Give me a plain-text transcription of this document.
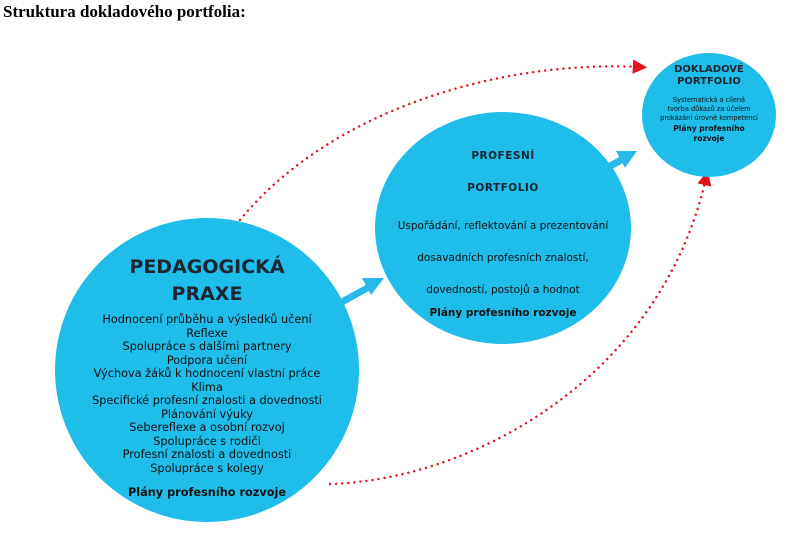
Struktura dokladového portfolia:
PEDAGOGICKÁ
PRAXE
Hodnocení průběhu a výsledků učení
Reflexe
Spolupráce s dalšími partnery
Podpora učení
Výchova žáků k hodnocení vlastní práce
Klima
Specifické profesní znalosti a dovednosti
Plánování výuky
Sebereflexe a osobní rozvoj
Spolupráce s rodiči
Profesní znalosti a dovednosti
Spolupráce s kolegy
Plány profesního rozvoje
PROFESNÍ
PORTFOLIO
Uspořádání, reflektování a prezentování
dosavadních profesních znalostí,
dovedností, postojů a hodnot
Plány profesního rozvoje
DOKLADOVÉ
PORTFOLIO
Systematická a cílená
tvorba důkazů za účelem
prokázání úrovně kompetencí
Plány profesního
rozvoje
